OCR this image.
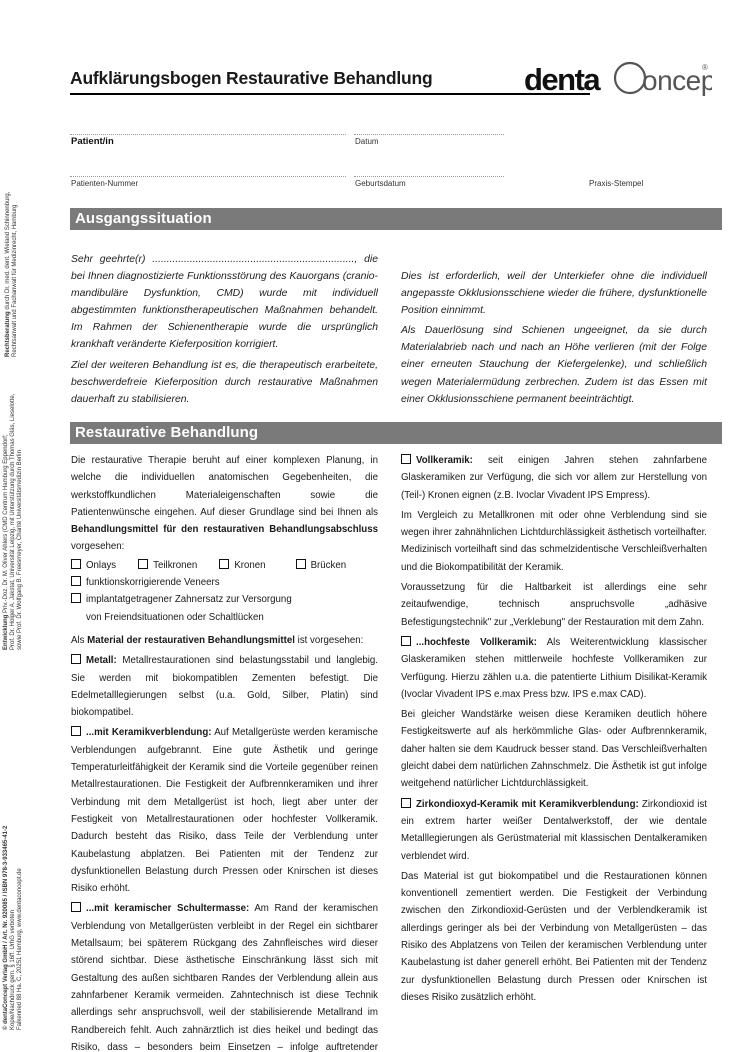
Aufklärungsbogen Restaurative Behandlung	denta oncep
®
Patient/in	Datum
Patienten-Nummer	Geburtsdatum	Praxis-Stempel
Rechtsberatung durch Dr. med. dent. Wieland Schinnenburg, Rechtsanwalt und Fachanwalt für Medizinrecht, Hamburg
Entwicklung Priv.-Doz. Dr. M. Oliver Ahlers (CMD Centrum Hamburg Eppendorf; Prof. Dr. Holger A. Jakstat, Universität Leipzig, mit Unterstützung durch Thomas Gläs, Lieselotte, sowie Prof. Dr. Wolfgang B. Freesmeyer, Charité Universitätsmedizin Berlin
© dentaConcept Verlag GmbH / Art. Nr. 920085 / ISBN 978-3-933465-41-2 Kopie/Nachdruck gem. § 16ff. UrhG verboten Falkenried 88 Ha. C, 20251 Hamburg, www.dentaconcept.de
Ausgangssituation

Sehr geehrte(r) ......................................................................, die bei Ihnen diagnostizierte Funktionsstörung des Kauorgans (cranio-mandibuläre Dysfunktion, CMD) wurde mit individuell abgestimmten funktionstherapeutischen Maßnahmen behandelt. Im Rahmen der Schienentherapie wurde die ursprünglich krankhaft veränderte Kieferposition korrigiert.

Ziel der weiteren Behandlung ist es, die therapeutisch erarbeitete, beschwerdefreie Kieferposition durch restaurative Maßnahmen dauerhaft zu stabilisieren.

Dies ist erforderlich, weil der Unterkiefer ohne die individuell angepasste Okklusionsschiene wieder die frühere, dysfunktionelle Position einnimmt.

Als Dauerlösung sind Schienen ungeeignet, da sie durch Materialabrieb nach und nach an Höhe verlieren (mit der Folge einer erneuten Stauchung der Kiefergelenke), und schließlich wegen Materialermüdung zerbrechen. Zudem ist das Essen mit einer Okklusionsschiene permanent beeinträchtigt.

Restaurative Behandlung

Die restaurative Therapie beruht auf einer komplexen Planung, in welche die individuellen anatomischen Gegebenheiten, die werkstoffkundlichen Materialeigenschaften sowie die Patientenwünsche eingehen. Auf dieser Grundlage sind bei Ihnen als Behandlungsmittel für den restaurativen Behandlungsabschluss vorgesehen:

Onlays	Teilkronen	Kronen	Brücken
funktionskorrigierende Veneers
implantatgetragener Zahnersatz zur Versorgung
von Freiendsituationen oder Schaltlücken

Als Material der restaurativen Behandlungsmittel ist vorgesehen:

Metall: Metallrestaurationen sind belastungsstabil und langlebig. Sie werden mit biokompatiblen Zementen befestigt. Die Edelmetalllegierungen selbst (u.a. Gold, Silber, Platin) sind biokompatibel.

...mit Keramikverblendung: Auf Metallgerüste werden keramische Verblendungen aufgebrannt. Eine gute Ästhetik und geringe Temperaturleitfähigkeit der Keramik sind die Vorteile gegenüber reinen Metallrestaurationen. Die Festigkeit der Aufbrennkeramiken und ihrer Verbindung mit dem Metallgerüst ist hoch, liegt aber unter der Festigkeit von Metallrestaurationen oder hochfester Vollkeramik. Dadurch besteht das Risiko, dass Teile der Verblendung unter Kaubelastung abplatzen. Bei Patienten mit der Tendenz zur dysfunktionellen Belastung durch Pressen oder Knirschen ist dieses Risiko erhöht.

...mit keramischer Schultermasse: Am Rand der keramischen Verblendung von Metallgerüsten verbleibt in der Regel ein sichtbarer Metallsaum; bei späterem Rückgang des Zahnfleisches wird dieser störend sichtbar. Diese ästhetische Einschränkung lässt sich mit Gestaltung des außen sichtbaren Randes der Verblendung allein aus zahnfarbener Keramik vermeiden. Zahntechnisch ist diese Technik allerdings sehr anspruchsvoll, weil der stabilisierende Metallrand im Randbereich fehlt. Auch zahnärztlich ist dies heikel und bedingt das Risiko, dass – besonders beim Einsetzen – infolge auftretender

Vollkeramik: seit einigen Jahren stehen zahnfarbene Glaskeramiken zur Verfügung, die sich vor allem zur Herstellung von (Teil-) Kronen eignen (z.B. Ivoclar Vivadent IPS Empress).

Im Vergleich zu Metallkronen mit oder ohne Verblendung sind sie wegen ihrer zahnähnlichen Lichtdurchlässigkeit ästhetisch vorteilhafter. Medizinisch vorteilhaft sind das schmelzidentische Verschleißverhalten und die Biokompatibilität der Keramik.

Voraussetzung für die Haltbarkeit ist allerdings eine sehr zeitaufwendige, technisch anspruchsvolle „adhäsive Befestigungstechnik" zur „Verklebung" der Restauration mit dem Zahn.

...hochfeste Vollkeramik: Als Weiterentwicklung klassischer Glaskeramiken stehen mittlerweile hochfeste Vollkeramiken zur Verfügung. Hierzu zählen u.a. die patentierte Lithium Disilikat-Keramik (Ivoclar Vivadent IPS e.max Press bzw. IPS e.max CAD).

Bei gleicher Wandstärke weisen diese Keramiken deutlich höhere Festigkeitswerte auf als herkömmliche Glas- oder Aufbrennkeramik, daher halten sie dem Kaudruck besser stand. Das Verschleißverhalten gleicht dabei dem natürlichen Zahnschmelz. Die Ästhetik ist gut infolge weitgehend natürlicher Lichtdurchlässigkeit.

Zirkondioxyd-Keramik mit Keramikverblendung: Zirkondioxid ist ein extrem harter weißer Dentalwerkstoff, der wie dentale Metalllegierungen als Gerüstmaterial mit klassischen Dentalkeramiken verblendet wird.

Das Material ist gut biokompatibel und die Restaurationen können konventionell zementiert werden. Die Festigkeit der Verbindung zwischen den Zirkondioxid-Gerüsten und der Verblendkeramik ist allerdings geringer als bei der Verbindung von Metallgerüsten – das Risiko des Abplatzens von Teilen der keramischen Verblendung unter Kaubelastung ist daher generell erhöht. Bei Patienten mit der Tendenz zur dysfunktionellen Belastung durch Pressen oder Knirschen ist dieses Risiko zusätzlich erhöht.
